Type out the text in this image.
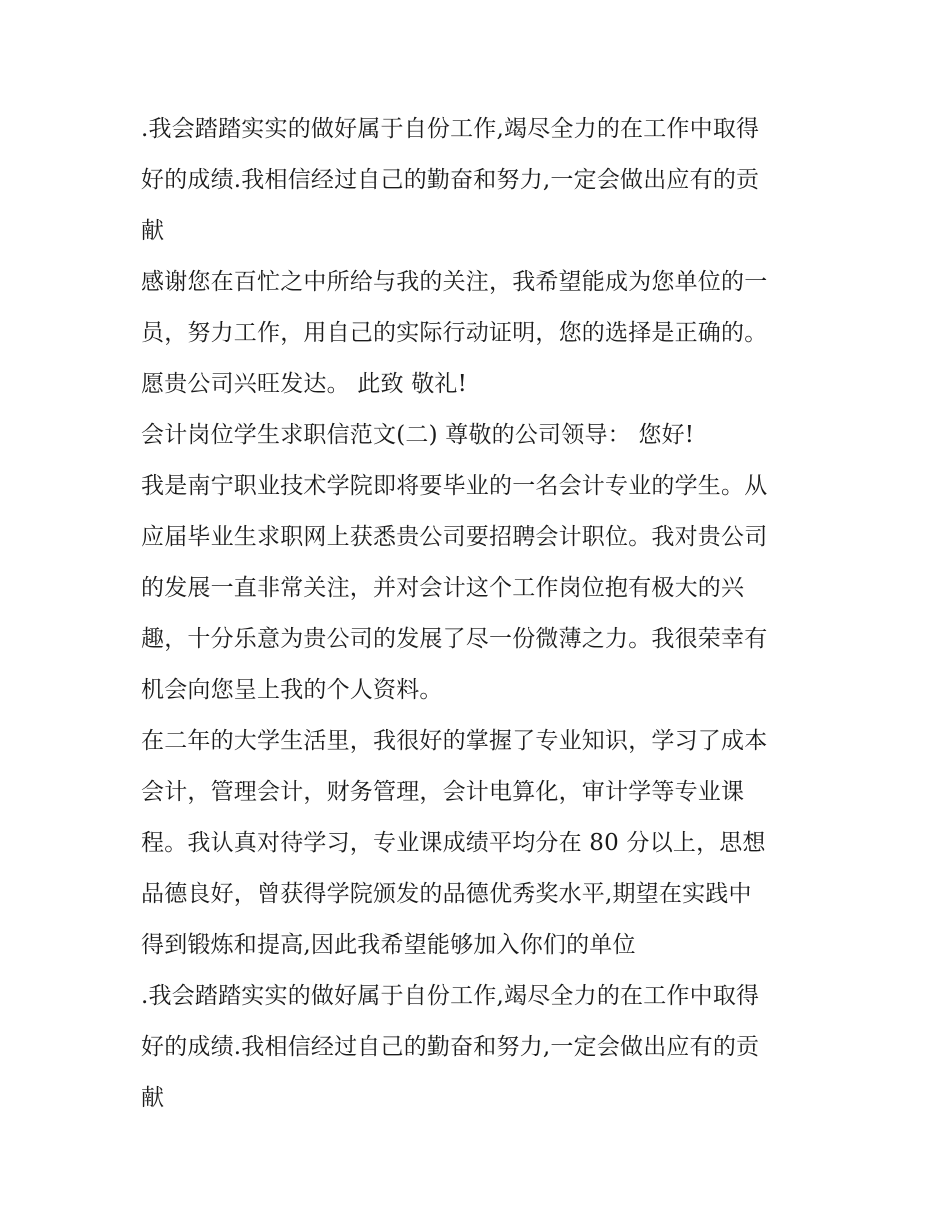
.我会踏踏实实的做好属于自份工作,竭尽全力的在工作中取得
好的成绩.我相信经过自己的勤奋和努力,一定会做出应有的贡
献
感谢您在百忙之中所给与我的关注，我希望能成为您单位的一
员，努力工作，用自己的实际行动证明，您的选择是正确的。
愿贵公司兴旺发达。 此致 敬礼!
会计岗位学生求职信范文(二) 尊敬的公司领导： 您好!
我是南宁职业技术学院即将要毕业的一名会计专业的学生。从
应届毕业生求职网上获悉贵公司要招聘会计职位。我对贵公司
的发展一直非常关注，并对会计这个工作岗位抱有极大的兴
趣，十分乐意为贵公司的发展了尽一份微薄之力。我很荣幸有
机会向您呈上我的个人资料。
在二年的大学生活里，我很好的掌握了专业知识，学习了成本
会计，管理会计，财务管理，会计电算化，审计学等专业课
程。我认真对待学习，专业课成绩平均分在 80 分以上，思想
品德良好，曾获得学院颁发的品德优秀奖水平,期望在实践中
得到锻炼和提高,因此我希望能够加入你们的单位
.我会踏踏实实的做好属于自份工作,竭尽全力的在工作中取得
好的成绩.我相信经过自己的勤奋和努力,一定会做出应有的贡
献
